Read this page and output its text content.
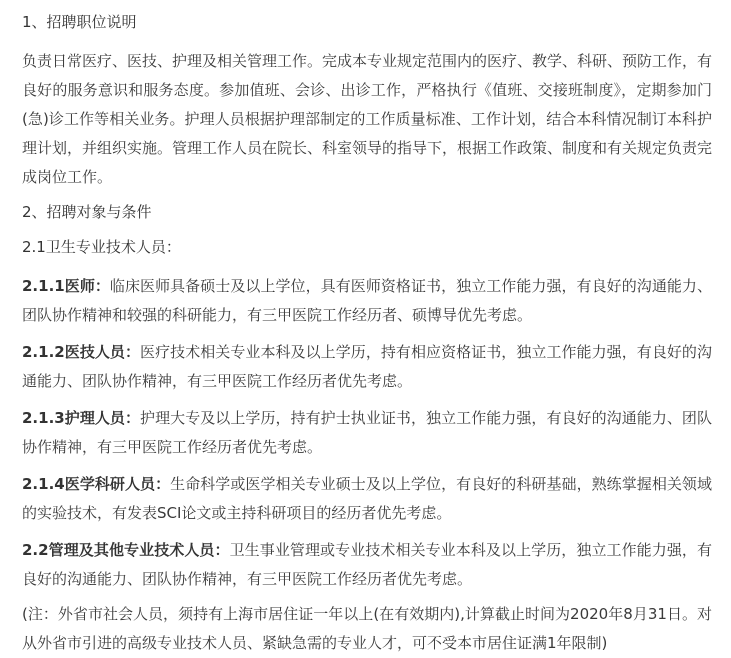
1、招聘职位说明

负责日常医疗、医技、护理及相关管理工作。完成本专业规定范围内的医疗、教学、科研、预防工作，有良好的服务意识和服务态度。参加值班、会诊、出诊工作，严格执行《值班、交接班制度》，定期参加门(急)诊工作等相关业务。护理人员根据护理部制定的工作质量标准、工作计划，结合本科情况制订本科护理计划，并组织实施。管理工作人员在院长、科室领导的指导下，根据工作政策、制度和有关规定负责完成岗位工作。

2、招聘对象与条件

2.1卫生专业技术人员：

2.1.1医师：临床医师具备硕士及以上学位，具有医师资格证书，独立工作能力强，有良好的沟通能力、团队协作精神和较强的科研能力，有三甲医院工作经历者、硕博导优先考虑。

2.1.2医技人员：医疗技术相关专业本科及以上学历，持有相应资格证书，独立工作能力强，有良好的沟通能力、团队协作精神，有三甲医院工作经历者优先考虑。

2.1.3护理人员：护理大专及以上学历，持有护士执业证书，独立工作能力强，有良好的沟通能力、团队协作精神，有三甲医院工作经历者优先考虑。

2.1.4医学科研人员：生命科学或医学相关专业硕士及以上学位，有良好的科研基础，熟练掌握相关领域的实验技术，有发表SCI论文或主持科研项目的经历者优先考虑。

2.2管理及其他专业技术人员：卫生事业管理或专业技术相关专业本科及以上学历，独立工作能力强，有良好的沟通能力、团队协作精神，有三甲医院工作经历者优先考虑。

(注：外省市社会人员，须持有上海市居住证一年以上(在有效期内),计算截止时间为2020年8月31日。对从外省市引进的高级专业技术人员、紧缺急需的专业人才，可不受本市居住证满1年限制)
